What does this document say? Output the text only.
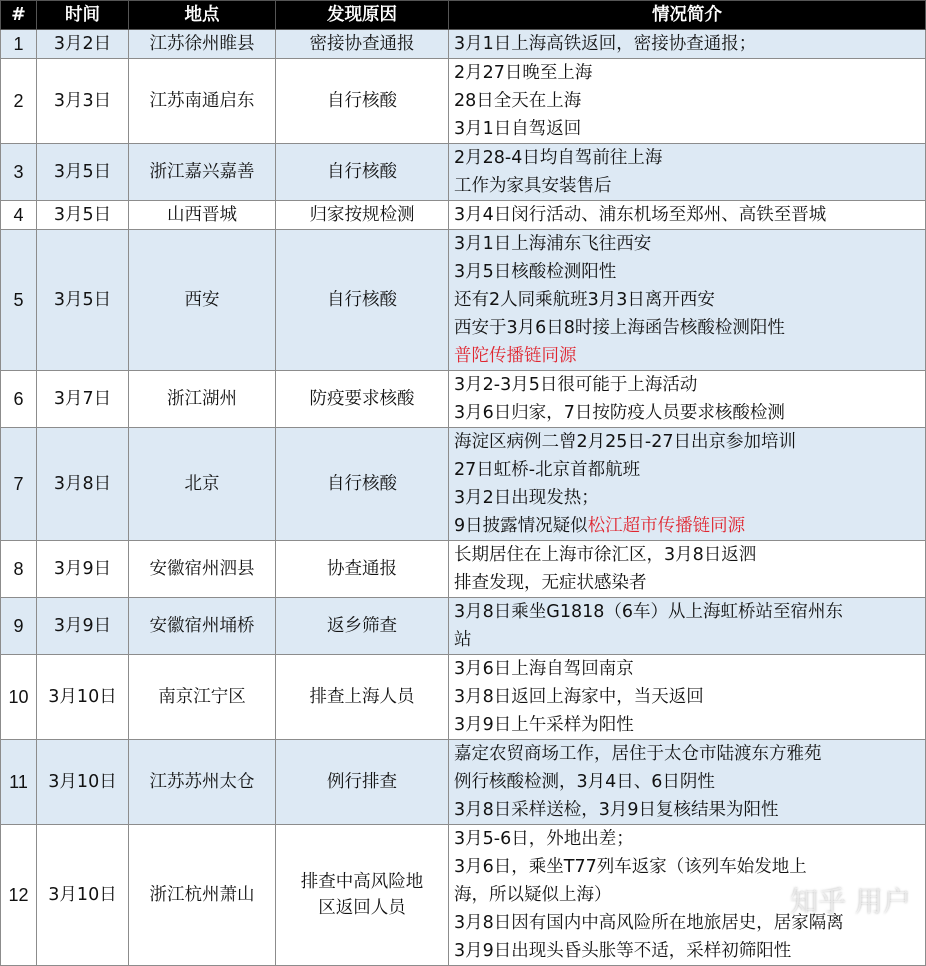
#	时间	地点	发现原因	情况简介
1	3月2日	江苏徐州睢县	密接协查通报	3月1日上海高铁返回，密接协查通报；

2	3月3日	江苏南通启东	自行核酸	2月27日晚至上海
28日全天在上海
3月1日自驾返回

3	3月5日	浙江嘉兴嘉善	自行核酸	2月28-4日均自驾前往上海
工作为家具安装售后

4	3月5日	山西晋城	归家按规检测	3月4日闵行活动、浦东机场至郑州、高铁至晋城

5	3月5日	西安	自行核酸	3月1日上海浦东飞往西安
3月5日核酸检测阳性
还有2人同乘航班3月3日离开西安
西安于3月6日8时接上海函告核酸检测阳性
普陀传播链同源

6	3月7日	浙江湖州	防疫要求核酸	3月2-3月5日很可能于上海活动
3月6日归家，7日按防疫人员要求核酸检测

7	3月8日	北京	自行核酸	海淀区病例二曾2月25日-27日出京参加培训
27日虹桥-北京首都航班
3月2日出现发热；
9日披露情况疑似松江超市传播链同源

8	3月9日	安徽宿州泗县	协查通报	长期居住在上海市徐汇区，3月8日返泗
排查发现，无症状感染者

9	3月9日	安徽宿州埇桥	返乡筛查	3月8日乘坐G1818（6车）从上海虹桥站至宿州东
站

10	3月10日	南京江宁区	排查上海人员	3月6日上海自驾回南京
3月8日返回上海家中，当天返回
3月9日上午采样为阳性

11	3月10日	江苏苏州太仓	例行排查	嘉定农贸商场工作，居住于太仓市陆渡东方雅苑
例行核酸检测，3月4日、6日阴性
3月8日采样送检，3月9日复核结果为阳性

12	3月10日	浙江杭州萧山	排查中高风险地
区返回人员	3月5-6日，外地出差；
3月6日，乘坐T77列车返家（该列车始发地上
海，所以疑似上海）
3月8日因有国内中高风险所在地旅居史，居家隔离
3月9日出现头昏头胀等不适，采样初筛阳性
知乎 用户
